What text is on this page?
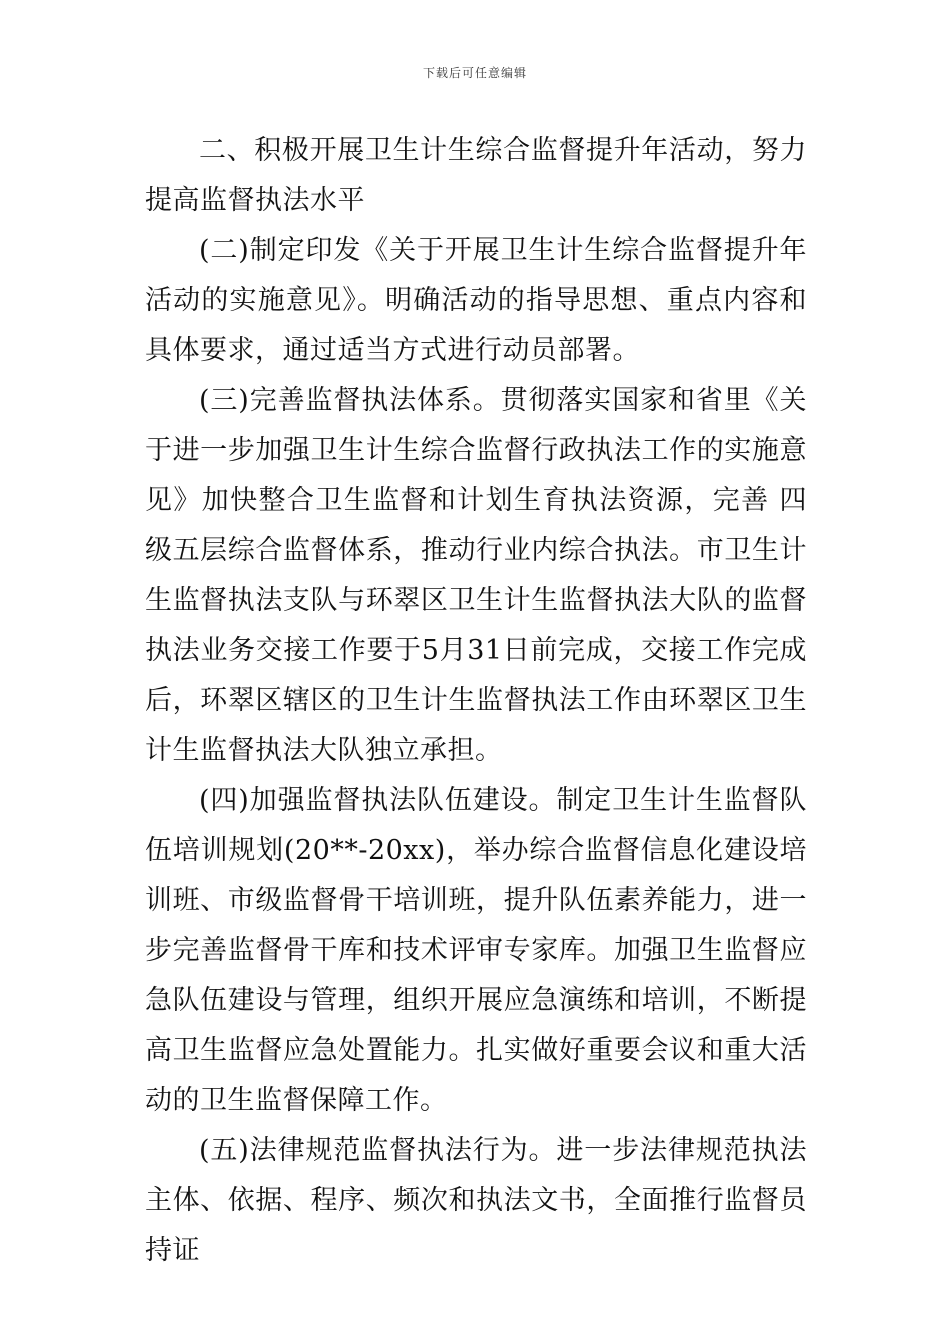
下载后可任意编辑

二、积极开展卫生计生综合监督提升年活动，努力提高监督执法水平

(二)制定印发《关于开展卫生计生综合监督提升年活动的实施意见》。明确活动的指导思想、重点内容和具体要求，通过适当方式进行动员部署。

(三)完善监督执法体系。贯彻落实国家和省里《关于进一步加强卫生计生综合监督行政执法工作的实施意见》加快整合卫生监督和计划生育执法资源，完善 四级五层综合监督体系，推动行业内综合执法。市卫生计生监督执法支队与环翠区卫生计生监督执法大队的监督执法业务交接工作要于5月31日前完成，交接工作完成后，环翠区辖区的卫生计生监督执法工作由环翠区卫生计生监督执法大队独立承担。

(四)加强监督执法队伍建设。制定卫生计生监督队伍培训规划(20**-20xx)，举办综合监督信息化建设培训班、市级监督骨干培训班，提升队伍素养能力，进一步完善监督骨干库和技术评审专家库。加强卫生监督应急队伍建设与管理，组织开展应急演练和培训，不断提高卫生监督应急处置能力。扎实做好重要会议和重大活动的卫生监督保障工作。

(五)法律规范监督执法行为。进一步法律规范执法主体、依据、程序、频次和执法文书，全面推行监督员持证
